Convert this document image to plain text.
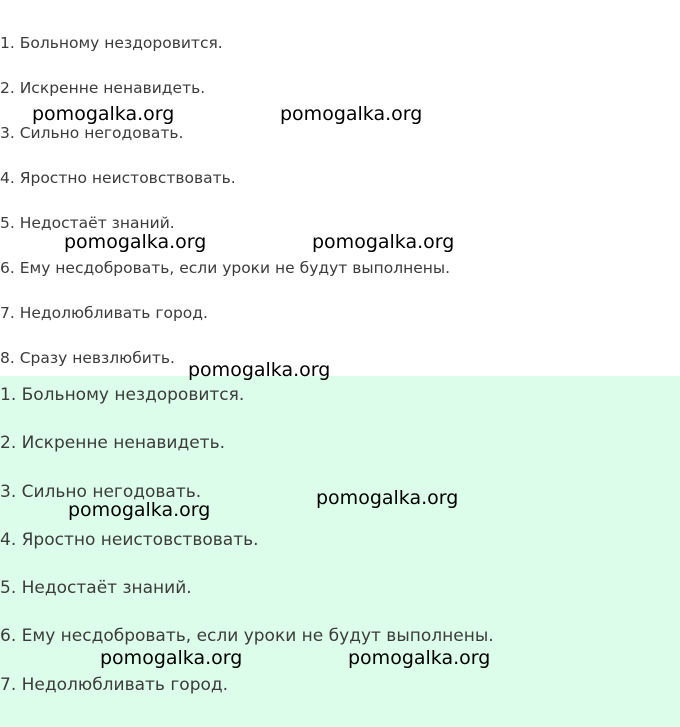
1. Больному нездоровится.
2. Искренне ненавидеть.
3. Сильно негодовать.
4. Яростно неистовствовать.
5. Недостаёт знаний.
6. Ему несдобровать, если уроки не будут выполнены.
7. Недолюбливать город.
8. Сразу невзлюбить.
1. Больному нездоровится.
2. Искренне ненавидеть.
3. Сильно негодовать.
4. Яростно неистовствовать.
5. Недостаёт знаний.
6. Ему несдобровать, если уроки не будут выполнены.
7. Недолюбливать город.
pomogalka.org	pomogalka.org
pomogalka.org	pomogalka.org
pomogalka.org
pomogalka.org
pomogalka.org
pomogalka.org	pomogalka.org
